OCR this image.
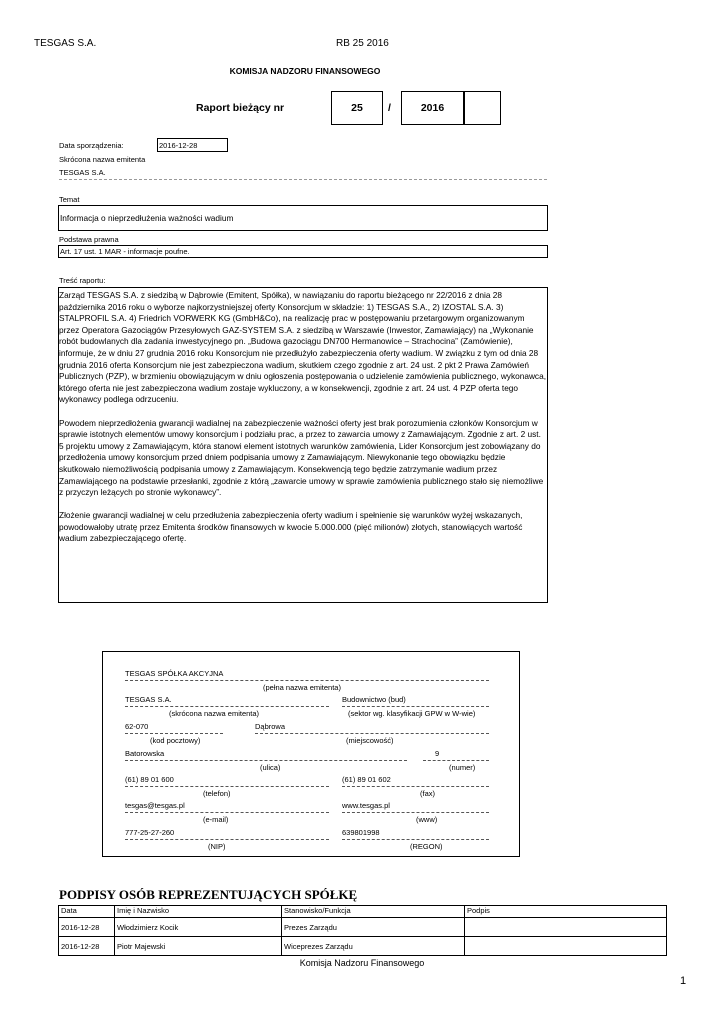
TESGAS S.A.	RB 25 2016
KOMISJA NADZORU FINANSOWEGO
Raport bieżący nr	25	/	2016
Data sporządzenia:	2016-12-28
Skrócona nazwa emitenta
TESGAS S.A.
Temat
Informacja o nieprzedłużenia ważności wadium
Podstawa prawna
Art. 17 ust. 1 MAR - informacje poufne.
Treść raportu:

Zarząd TESGAS S.A. z siedzibą w Dąbrowie (Emitent, Spółka), w nawiązaniu do raportu bieżącego nr 22/2016 z dnia 28 października 2016 roku o wyborze najkorzystniejszej oferty Konsorcjum w składzie: 1) TESGAS S.A., 2) IZOSTAL S.A. 3) STALPROFIL S.A. 4) Friedrich VORWERK KG (GmbH&Co), na realizację prac w postępowaniu przetargowym organizowanym przez Operatora Gazociągów Przesyłowych GAZ-SYSTEM S.A. z siedzibą w Warszawie (Inwestor, Zamawiający) na „Wykonanie robót budowlanych dla zadania inwestycyjnego pn. „Budowa gazociągu DN700 Hermanowice – Strachocina” (Zamówienie), informuje, że w dniu 27 grudnia 2016 roku Konsorcjum nie przedłużyło zabezpieczenia oferty wadium. W związku z tym od dnia 28 grudnia 2016 oferta Konsorcjum nie jest zabezpieczona wadium, skutkiem czego zgodnie z art. 24 ust. 2 pkt 2 Prawa Zamówień Publicznych (PZP), w brzmieniu obowiązującym w dniu ogłoszenia postępowania o udzielenie zamówienia publicznego, wykonawca, którego oferta nie jest zabezpieczona wadium zostaje wykluczony, a w konsekwencji, zgodnie z art. 24 ust. 4 PZP oferta tego wykonawcy podlega odrzuceniu.

Powodem nieprzedłożenia gwarancji wadialnej na zabezpieczenie ważności oferty jest brak porozumienia członków Konsorcjum w sprawie istotnych elementów umowy konsorcjum i podziału prac, a przez to zawarcia umowy z Zamawiającym. Zgodnie z art. 2 ust. 5 projektu umowy z Zamawiającym, która stanowi element istotnych warunków zamówienia, Lider Konsorcjum jest zobowiązany do przedłożenia umowy konsorcjum przed dniem podpisania umowy z Zamawiającym. Niewykonanie tego obowiązku będzie skutkowało niemożliwością podpisania umowy z Zamawiającym. Konsekwencją tego będzie zatrzymanie wadium przez Zamawiającego na podstawie przesłanki, zgodnie z którą „zawarcie umowy w sprawie zamówienia publicznego stało się niemożliwe z przyczyn leżących po stronie wykonawcy”.

Złożenie gwarancji wadialnej w celu przedłużenia zabezpieczenia oferty wadium i spełnienie się warunków wyżej wskazanych, powodowałoby utratę przez Emitenta środków finansowych w kwocie 5.000.000 (pięć milionów) złotych, stanowiących wartość wadium zabezpieczającego ofertę.

TESGAS SPÓŁKA AKCYJNA
(pełna nazwa emitenta)
TESGAS S.A.
(skrócona nazwa emitenta)
Budownictwo (bud)
(sektor wg. klasyfikacji GPW w W-wie)
62-070
(kod pocztowy)
Dąbrowa
(miejscowość)
Batorowska
(ulica)
9
(numer)
(61) 89 01 600
(telefon)
(61) 89 01 602
(fax)
tesgas@tesgas.pl
(e-mail)
www.tesgas.pl
(www)
777-25-27-260
(NIP)
639801998
(REGON)
PODPISY OSÓB REPREZENTUJĄCYCH SPÓŁKĘ
Data	Imię i Nazwisko	Stanowisko/Funkcja	Podpis
2016-12-28	Włodzimierz Kocik	Prezes Zarządu	
2016-12-28	Piotr Majewski	Wiceprezes Zarządu	
Komisja Nadzoru Finansowego
1
